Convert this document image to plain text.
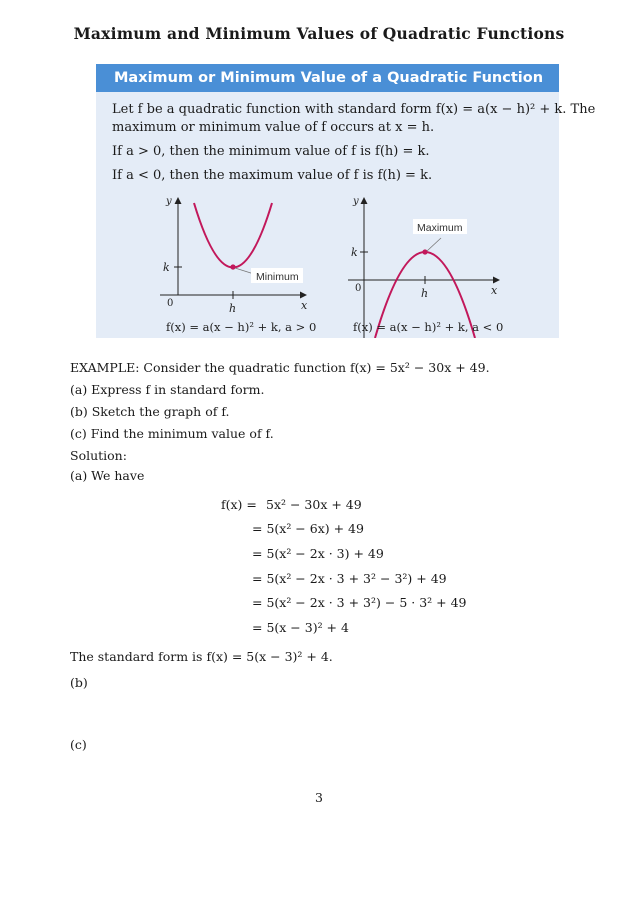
Maximum and Minimum Values of Quadratic Functions
Maximum or Minimum Value of a Quadratic Function
Let f be a quadratic function with standard form f(x) = a(x − h)² + k. The
maximum or minimum value of f occurs at x = h.
If a > 0, then the minimum value of f is f(h) = k.
If a < 0, then the maximum value of f is f(h) = k.
y
k
0	h	x
Minimum
f(x) = a(x − h)² + k, a > 0
y
k
0	h	x
Maximum
f(x) = a(x − h)² + k, a < 0
EXAMPLE: Consider the quadratic function f(x) = 5x² − 30x + 49.
(a) Express f in standard form.
(b) Sketch the graph of f.
(c) Find the minimum value of f.
Solution:
(a) We have
f(x) = 5x² − 30x + 49
= 5(x² − 6x) + 49
= 5(x² − 2x · 3) + 49
= 5(x² − 2x · 3 + 3² − 3²) + 49
= 5(x² − 2x · 3 + 3²) − 5 · 3² + 49
= 5(x − 3)² + 4
The standard form is f(x) = 5(x − 3)² + 4.
(b)
(c)
3
